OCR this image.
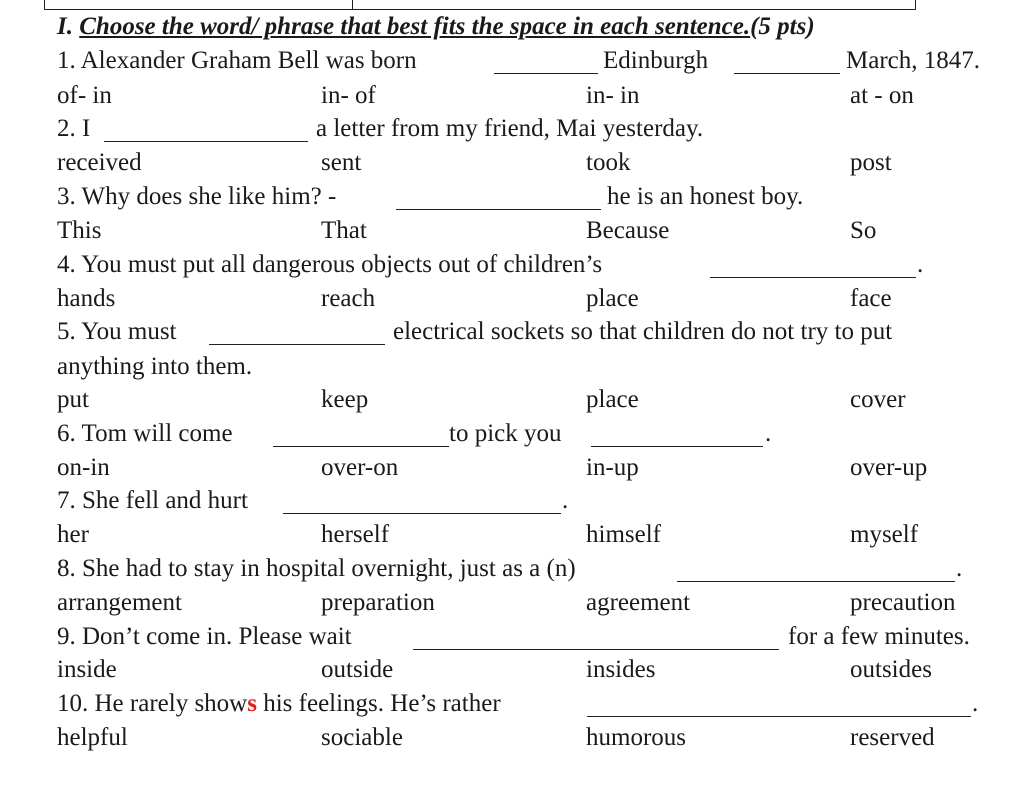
I. Choose the word/ phrase that best fits the space in each sentence.(5 pts)
1. Alexander Graham Bell was born	Edinburgh	March, 1847.
of- in	in- of	in- in	at - on
2. I	a letter from my friend, Mai yesterday.
received	sent	took	post
3. Why does she like him? -	he is an honest boy.
This	That	Because	So
4. You must put all dangerous objects out of children’s	.
hands	reach	place	face
5. You must	electrical sockets so that children do not try to put
anything into them.
put	keep	place	cover
6. Tom will come	to pick you	.
on-in	over-on	in-up	over-up
7. She fell and hurt	.
her	herself	himself	myself
8. She had to stay in hospital overnight, just as a (n)	.
arrangement	preparation	agreement	precaution
9. Don’t come in. Please wait	for a few minutes.
inside	outside	insides	outsides
10. He rarely shows his feelings. He’s rather	.
helpful	sociable	humorous	reserved
